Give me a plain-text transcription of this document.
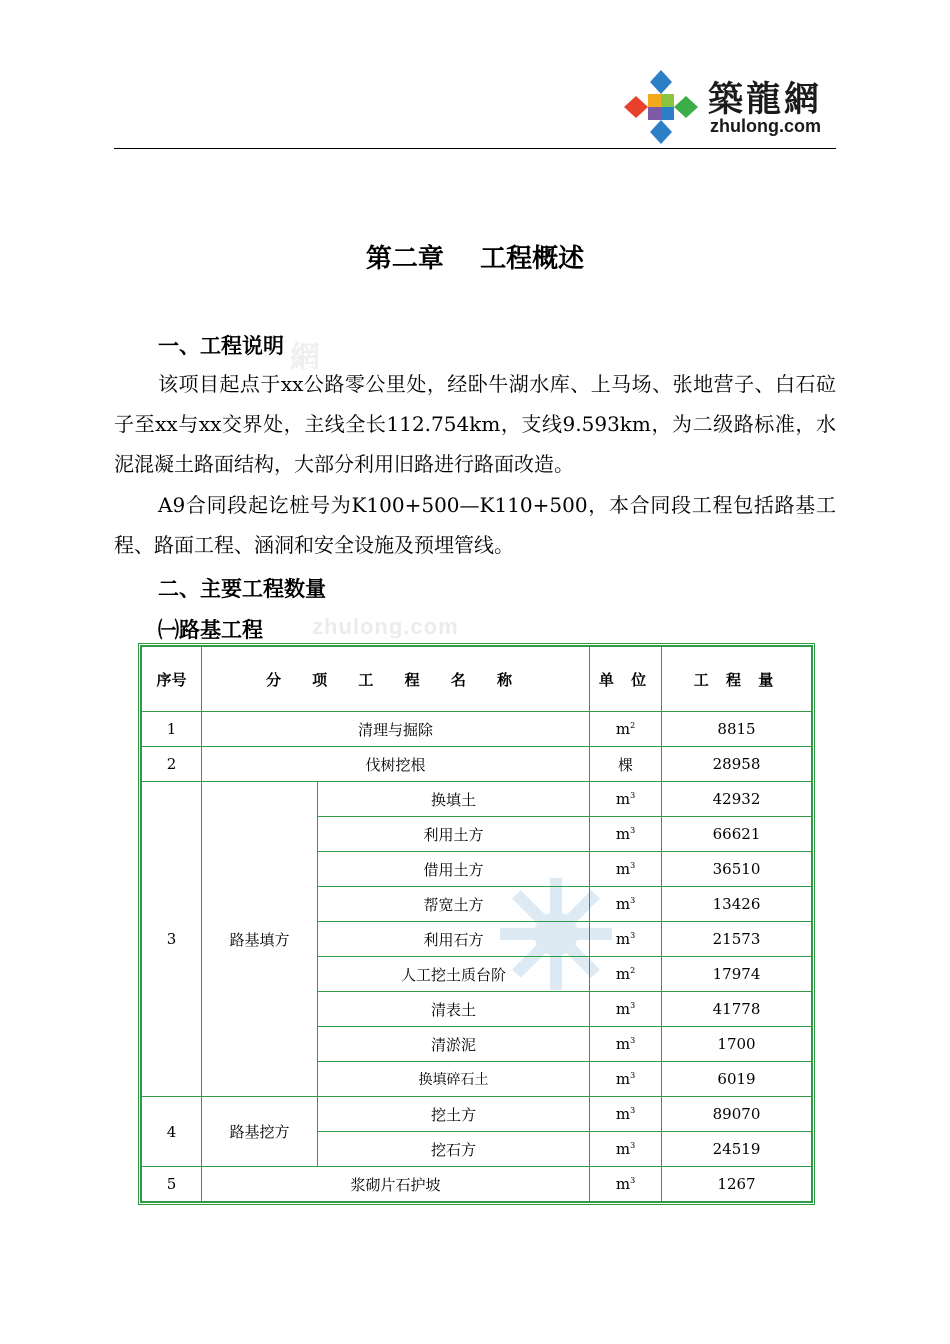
網
zhulong.com
築龍網
zhulong.com
第二章    工程概述
一、工程说明
该项目起点于xx公路零公里处，经卧牛湖水库、上马场、张地营子、白石砬子至xx与xx交界处，主线全长112.754km，支线9.593km，为二级路标准，水泥混凝土路面结构，大部分利用旧路进行路面改造。
A9合同段起讫桩号为K100+500—K110+500，本合同段工程包括路基工程、路面工程、涵洞和安全设施及预埋管线。
二、主要工程数量
㈠路基工程
序号	分 项 工 程 名 称		单 位	工 程 量
1	清理与掘除		$m^2$	8815
2	伐树挖根		棵	28958
3	路基填方	换填土	$m^3$	42932
		利用土方	$m^3$	66621
		借用土方	$m^3$	36510
		帮宽土方	$m^3$	13426
		利用石方	$m^3$	21573
		人工挖土质台阶	$m^2$	17974
		清表土	$m^3$	41778
		清淤泥	$m^3$	1700
		换填碎石土	$m^3$	6019
4	路基挖方	挖土方	$m^3$	89070
		挖石方	$m^3$	24519
5	浆砌片石护坡		$m^3$	1267
